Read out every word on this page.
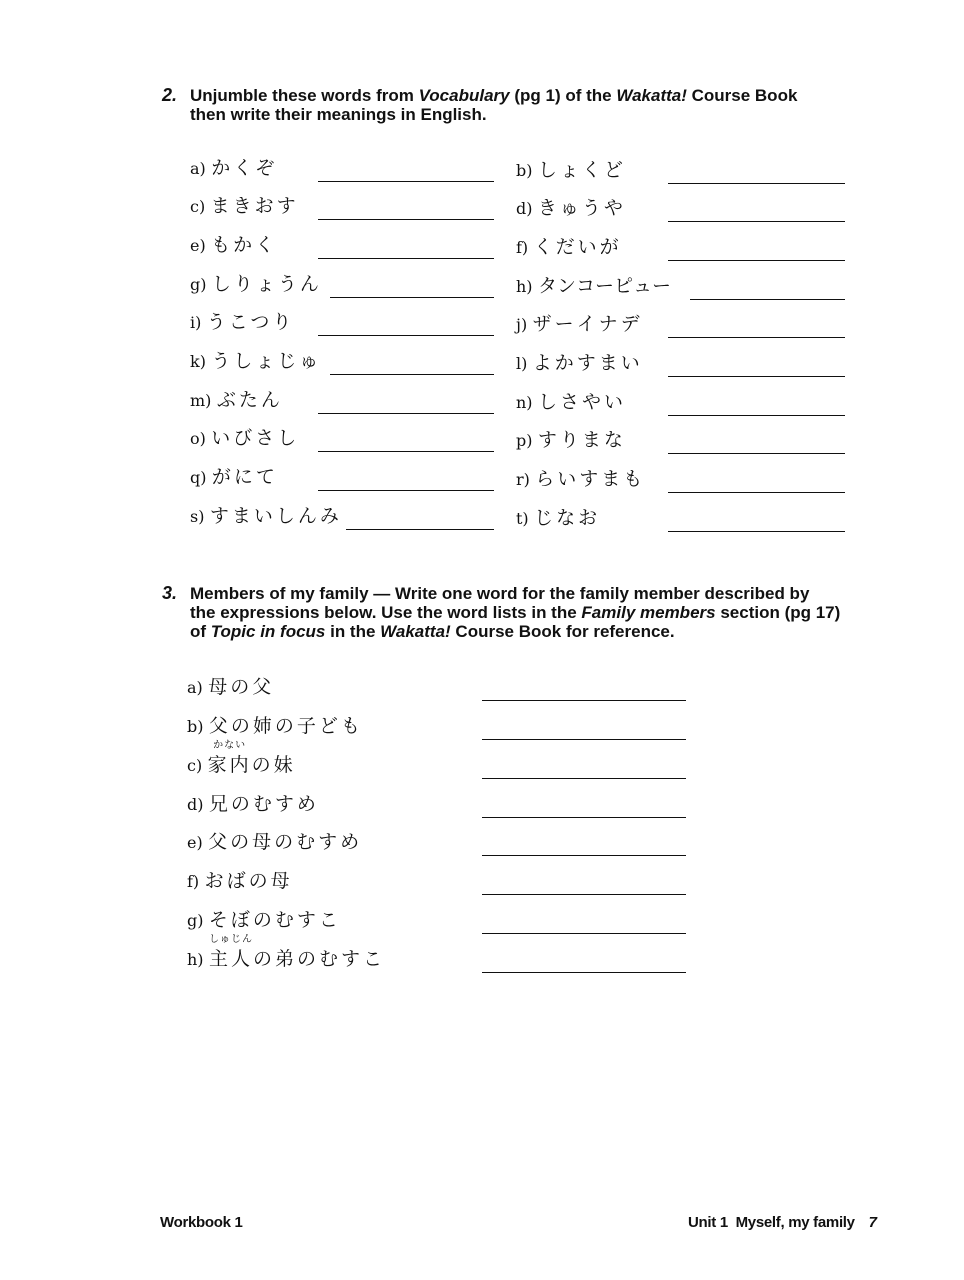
2. Unjumble these words from Vocabulary (pg 1) of the Wakatta! Course Book
then write their meanings in English.
a) かくぞ
c) まきおす
e) もかく
g) しりょうん
i) うこつり
k) うしょじゅ
m) ぶたん
o) いびさし
q) がにて
s) すまいしんみ
b) しょくど
d) きゅうや
f) くだいが
h) タンコーピュー
j) ザーイナデ
l) よかすまい
n) しさやい
p) すりまな
r) らいすまも
t) じなお
3. Members of my family — Write one word for the family member described by
the expressions below. Use the word lists in the Family members section (pg 17)
of Topic in focus in the Wakatta! Course Book for reference.
a) 母の父
b) 父の姉の子ども
c)
かない
家内の妹
d) 兄のむすめ
e) 父の母のむすめ
f) おばの母
g) そぼのむすこ
h)
しゅじん
主人の弟のむすこ
Workbook 1	Unit 1  Myself, my family 7
